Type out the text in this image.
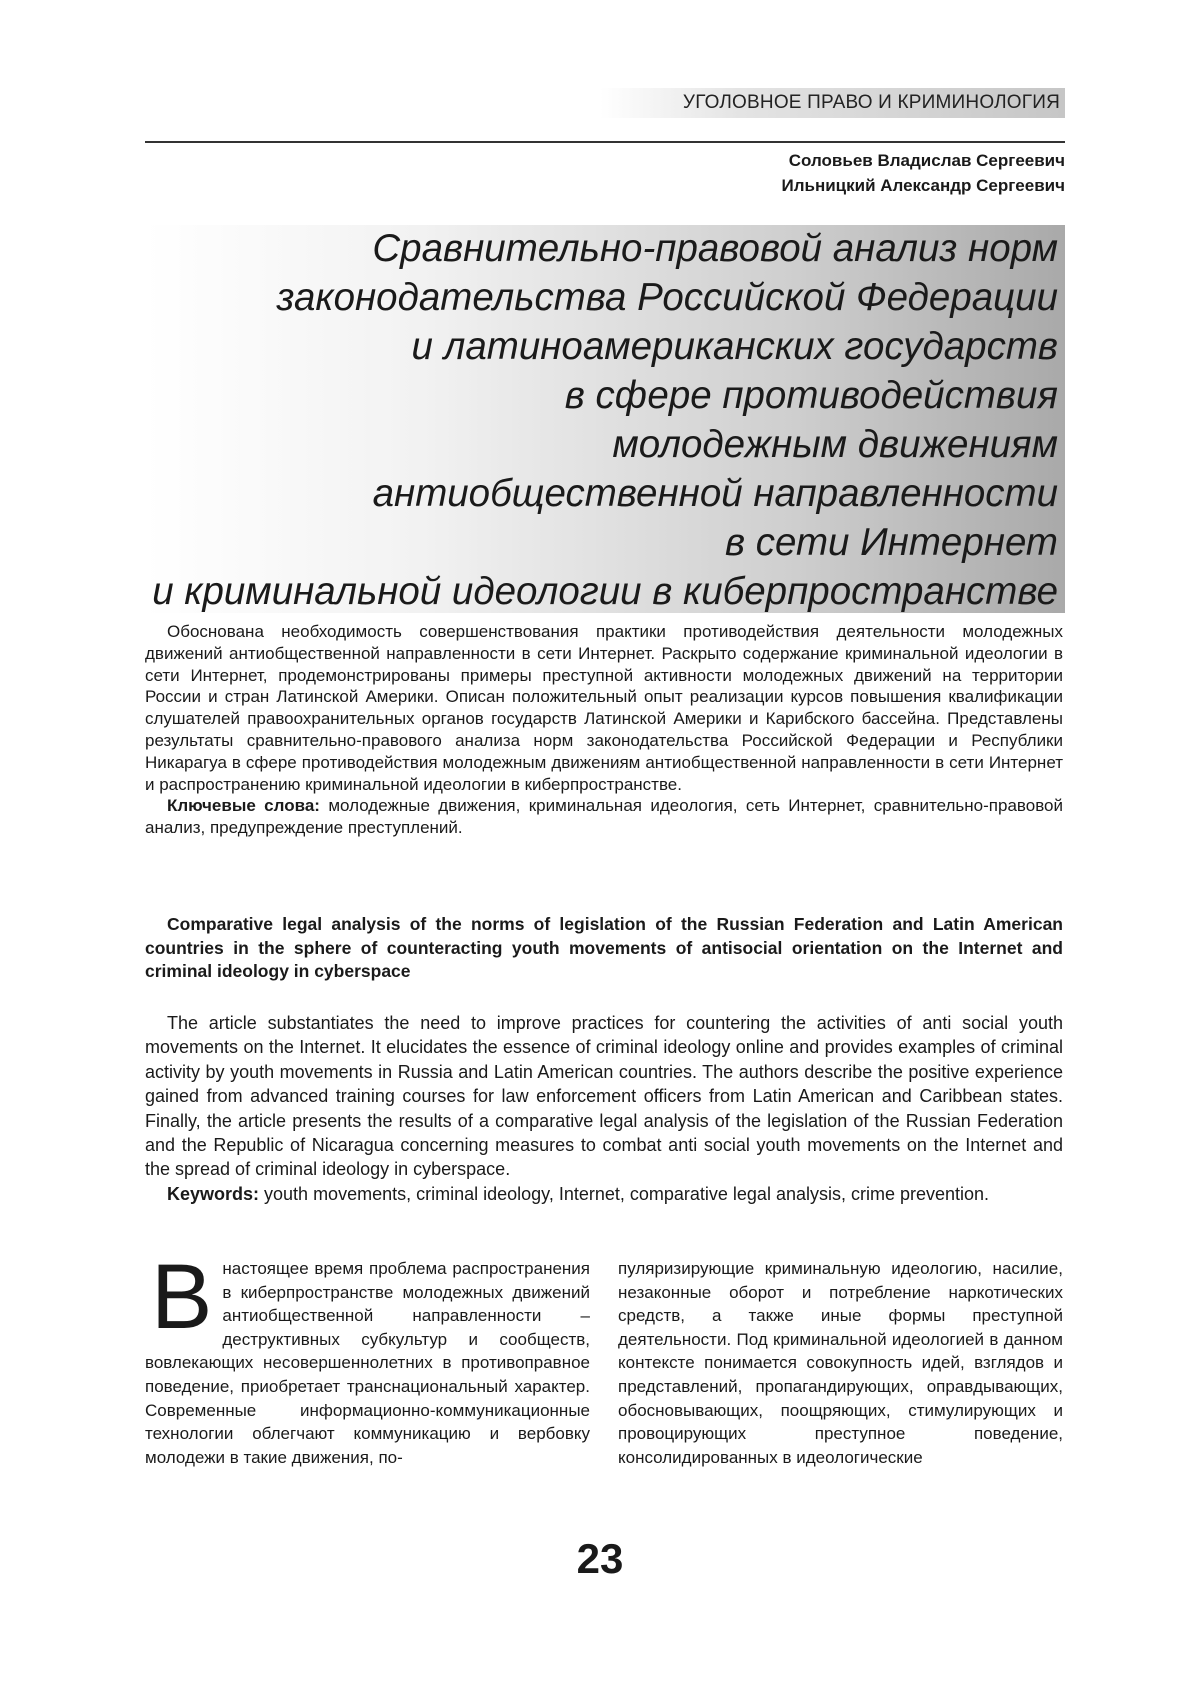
УГОЛОВНОЕ ПРАВО И КРИМИНОЛОГИЯ
Соловьев Владислав Сергеевич
Ильницкий Александр Сергеевич
Сравнительно-правовой анализ норм
законодательства Российской Федерации
и латиноамериканских государств
в сфере противодействия
молодежным движениям
антиобщественной направленности
в сети Интернет
и криминальной идеологии в киберпространстве

Обоснована необходимость совершенствования практики противодействия деятельности молодежных движений антиобщественной направленности в сети Интернет. Раскрыто содержание криминальной идеологии в сети Интернет, продемонстрированы примеры преступной активности молодежных движений на территории России и стран Латинской Америки. Описан положительный опыт реализации курсов повышения квалификации слушателей правоохранительных органов государств Латинской Америки и Карибского бассейна. Представлены результаты сравнительно-правового анализа норм законодательства Российской Федерации и Республики Никарагуа в сфере противодействия молодежным движениям антиобщественной направленности в сети Интернет и распространению криминальной идеологии в киберпространстве.

Ключевые слова: молодежные движения, криминальная идеология, сеть Интернет, сравнительно-правовой анализ, предупреждение преступлений.

Comparative legal analysis of the norms of legislation of the Russian Federation and Latin American countries in the sphere of counteracting youth movements of antisocial orientation on the Internet and criminal ideology in cyberspace

The article substantiates the need to improve practices for countering the activities of anti social youth movements on the Internet. It elucidates the essence of criminal ideology online and provides examples of criminal activity by youth movements in Russia and Latin American countries. The authors describe the positive experience gained from advanced training courses for law enforcement officers from Latin American and Caribbean states. Finally, the article presents the results of a comparative legal analysis of the legislation of the Russian Federation and the Republic of Nicaragua concerning measures to combat anti social youth movements on the Internet and the spread of criminal ideology in cyberspace.

Keywords: youth movements, criminal ideology, Internet, comparative legal analysis, crime prevention.

В настоящее время проблема распространения в киберпространстве молодежных движений антиобщественной направленности – деструктивных субкультур и сообществ, вовлекающих несовершеннолетних в противоправное поведение, приобретает транснациональный характер. Современные информационно-коммуникационные технологии облегчают коммуникацию и вербовку молодежи в такие движения, по-

пуляризирующие криминальную идеологию, насилие, незаконные оборот и потребление наркотических средств, а также иные формы преступной деятельности. Под криминальной идеологией в данном контексте понимается совокупность идей, взглядов и представлений, пропагандирующих, оправдывающих, обосновывающих, поощряющих, стимулирующих и провоцирующих преступное поведение, консолидированных в идеологические

23
